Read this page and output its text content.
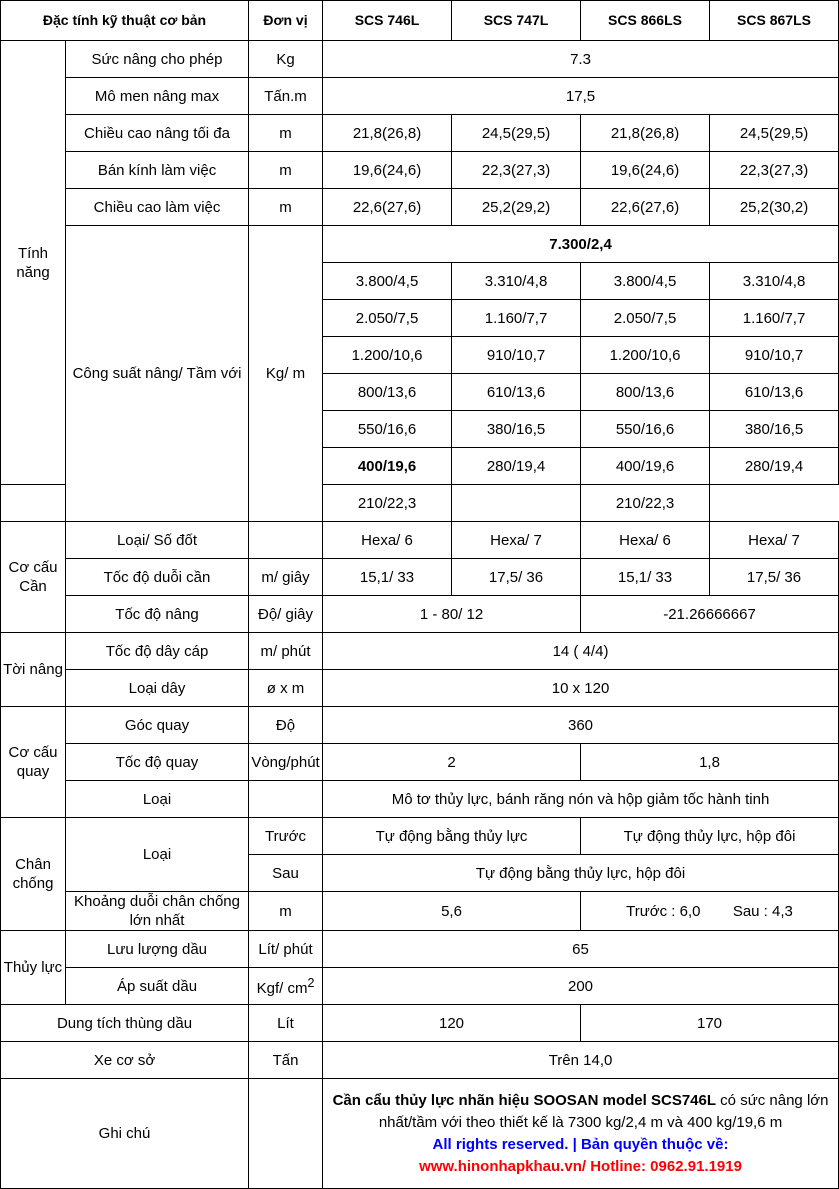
Đặc tính kỹ thuật cơ bản		Đơn vị	SCS 746L	SCS 747L	SCS 866LS	SCS 867LS
Tính năng	Sức nâng cho phép	Kg	7.3			
	Mô men nâng max	Tấn.m	17,5			
	Chiều cao nâng tối đa	m	21,8(26,8)	24,5(29,5)	21,8(26,8)	24,5(29,5)
	Bán kính làm việc	m	19,6(24,6)	22,3(27,3)	19,6(24,6)	22,3(27,3)
	Chiều cao làm việc	m	22,6(27,6)	25,2(29,2)	22,6(27,6)	25,2(30,2)
	Công suất nâng/ Tầm với	Kg/ m	7.300/2,4			
			3.800/4,5	3.310/4,8	3.800/4,5	3.310/4,8
			2.050/7,5	1.160/7,7	2.050/7,5	1.160/7,7
			1.200/10,6	910/10,7	1.200/10,6	910/10,7
			800/13,6	610/13,6	800/13,6	610/13,6
			550/16,6	380/16,5	550/16,6	380/16,5
			400/19,6	280/19,4	400/19,6	280/19,4
			210/22,3		210/22,3	
Cơ cấu Cần	Loại/ Số đốt		Hexa/ 6	Hexa/ 7	Hexa/ 6	Hexa/ 7
	Tốc độ duỗi cần	m/ giây	15,1/ 33	17,5/ 36	15,1/ 33	17,5/ 36
	Tốc độ nâng	Độ/ giây	1 - 80/ 12		-21.26666667	
Tời nâng	Tốc độ dây cáp	m/ phút	14 ( 4/4)			
	Loại dây	ø x m	10 x 120			
Cơ cấu quay	Góc quay	Độ	360			
	Tốc độ quay	Vòng/phút	2		1,8	
	Loại		Mô tơ thủy lực, bánh răng nón và hộp giảm tốc hành tinh			
Chân chống	Loại	Trước	Tự động bằng thủy lực		Tự động thủy lực, hộp đôi	
		Sau	Tự động bằng thủy lực, hộp đôi			
	Khoảng duỗi chân chống lớn nhất	m	5,6		Trước : 6,0 Sau : 4,3	
Thủy lực	Lưu lượng dầu	Lít/ phút	65			
	Áp suất dầu	Kgf/ $cm^2$	200			
Dung tích thùng dầu		Lít	120		170	
Xe cơ sở		Tấn	Trên 14,0			
Ghi chú			Cần cẩu thủy lực nhãn hiệu SOOSAN model SCS746L có sức nâng lớn nhất/tầm với theo thiết kế là 7300 kg/2,4 m và 400 kg/19,6 m
All rights reserved. | Bản quyền thuộc về:
www.hinonhapkhau.vn/ Hotline: 0962.91.1919			
